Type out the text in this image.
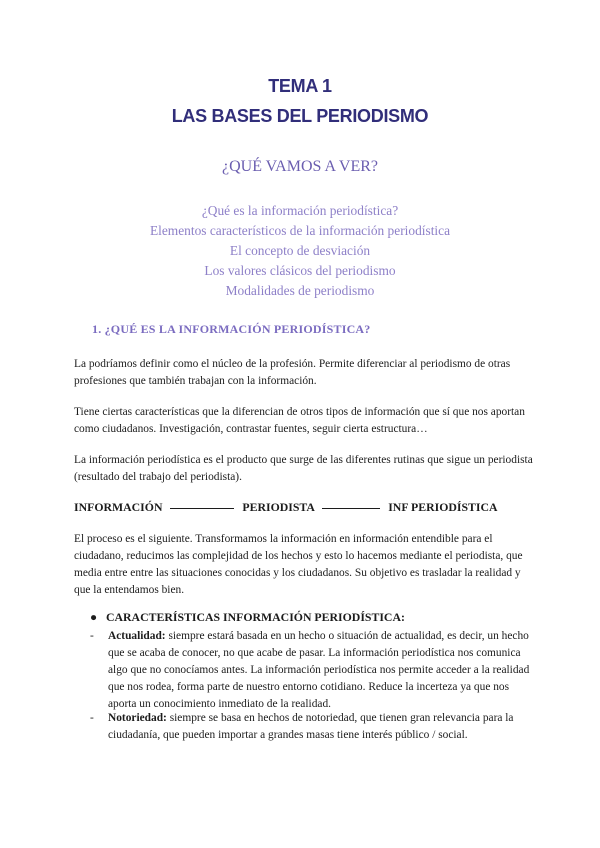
TEMA 1
LAS BASES DEL PERIODISMO
¿QUÉ VAMOS A VER?
¿Qué es la información periodística?
Elementos característicos de la información periodística
El concepto de desviación
Los valores clásicos del periodismo
Modalidades de periodismo
1. ¿QUÉ ES LA INFORMACIÓN PERIODÍSTICA?

La podríamos definir como el núcleo de la profesión. Permite diferenciar al periodismo de otras profesiones que también trabajan con la información.

Tiene ciertas características que la diferencian de otros tipos de información que sí que nos aportan como ciudadanos. Investigación, contrastar fuentes, seguir cierta estructura…

La información periodística es el producto que surge de las diferentes rutinas que sigue un periodista (resultado del trabajo del periodista).

INFORMACIÓN	PERIODISTA	INF PERIODÍSTICA

El proceso es el siguiente. Transformamos la información en información entendible para el ciudadano, reducimos las complejidad de los hechos y esto lo hacemos mediante el periodista, que media entre entre las situaciones conocidas y los ciudadanos. Su objetivo es trasladar la realidad y que la entendamos bien.

● CARACTERÍSTICAS INFORMACIÓN PERIODÍSTICA:
- Actualidad: siempre estará basada en un hecho o situación de actualidad, es decir, un hecho que se acaba de conocer, no que acabe de pasar. La información periodística nos comunica algo que no conocíamos antes. La información periodística nos permite acceder a la realidad que nos rodea, forma parte de nuestro entorno cotidiano. Reduce la incerteza ya que nos aporta un conocimiento inmediato de la realidad.
- Notoriedad: siempre se basa en hechos de notoriedad, que tienen gran relevancia para la ciudadanía, que pueden importar a grandes masas tiene interés público / social.
